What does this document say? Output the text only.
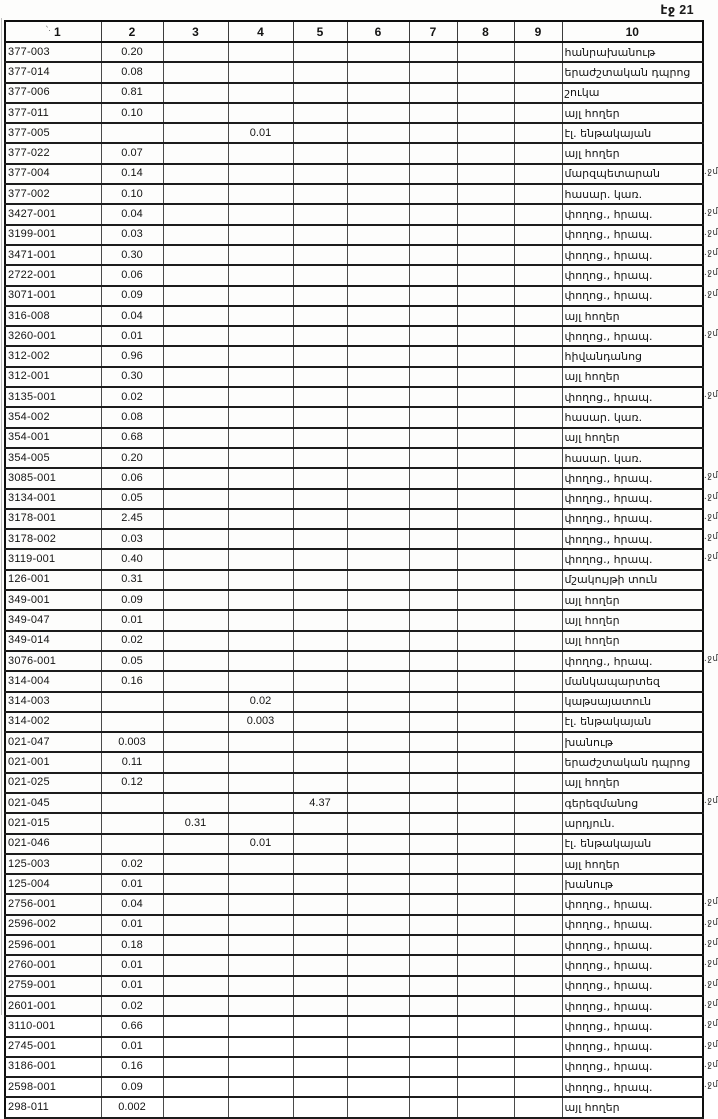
էջ 21
՝· 1	2	3	4	5	6	7	8	9	10
377-003	0.20								հանրախանութ
377-014	0.08								երաժշտական դպրոց
377-006	0.81								շուկա
377-011	0.10								այլ հողեր
377-005			0.01						էլ. ենթակայան
377-022	0.07								այլ հողեր
377-004	0.14								մարզպետարան
377-002	0.10								հասար. կառ.
3427-001	0.04								փողոց., հրապ.
3199-001	0.03								փողոց., հրապ.
3471-001	0.30								փողոց., հրապ.
2722-001	0.06								փողոց., հրապ.
3071-001	0.09								փողոց., հրապ.
316-008	0.04								այլ հողեր
3260-001	0.01								փողոց., հրապ.
312-002	0.96								հիվանդանոց
312-001	0.30								այլ հողեր
3135-001	0.02								փողոց., հրապ.
354-002	0.08								հասար. կառ.
354-001	0.68								այլ հողեր
354-005	0.20								հասար. կառ.
3085-001	0.06								փողոց., հրապ.
3134-001	0.05								փողոց., հրապ.
3178-001	2.45								փողոց., հրապ.
3178-002	0.03								փողոց., հրապ.
3119-001	0.40								փողոց., հրապ.
126-001	0.31								մշակույթի տուն
349-001	0.09								այլ հողեր
349-047	0.01								այլ հողեր
349-014	0.02								այլ հողեր
3076-001	0.05								փողոց., հրապ.
314-004	0.16								մանկապարտեզ
314-003			0.02						կաթսայատուն
314-002			0.003						էլ. ենթակայան
021-047	0.003								խանութ
021-001	0.11								երաժշտական դպրոց
021-025	0.12								այլ հողեր
021-045				4.37					գերեզմանոց
021-015		0.31							արդյուն.
021-046			0.01						էլ. ենթակայան
125-003	0.02								այլ հողեր
125-004	0.01								խանութ
2756-001	0.04								փողոց., հրապ.
2596-002	0.01								փողոց., հրապ.
2596-001	0.18								փողոց., հրապ.
2760-001	0.01								փողոց., հրապ.
2759-001	0.01								փողոց., հրապ.
2601-001	0.02								փողոց., հրապ.
3110-001	0.66								փողոց., հրապ.
2745-001	0.01								փողոց., հրապ.
3186-001	0.16								փողոց., հրապ.
2598-001	0.09								փողոց., հրապ.
298-011	0.002								այլ հողեր
.ջմ
.ջմ
.ջմ
.ջմ
.ջմ
.ջմ
.ջմ
.ջմ
.ջմ
.ջմ
.ջմ
.ջմ
.ջմ
.ջմ
.ջմ
.ջմ
.ջմ
.ջմ
.ջմ
.ջմ
.ջմ
.ջմ
.ջմ
.ջմ
.ջմ
